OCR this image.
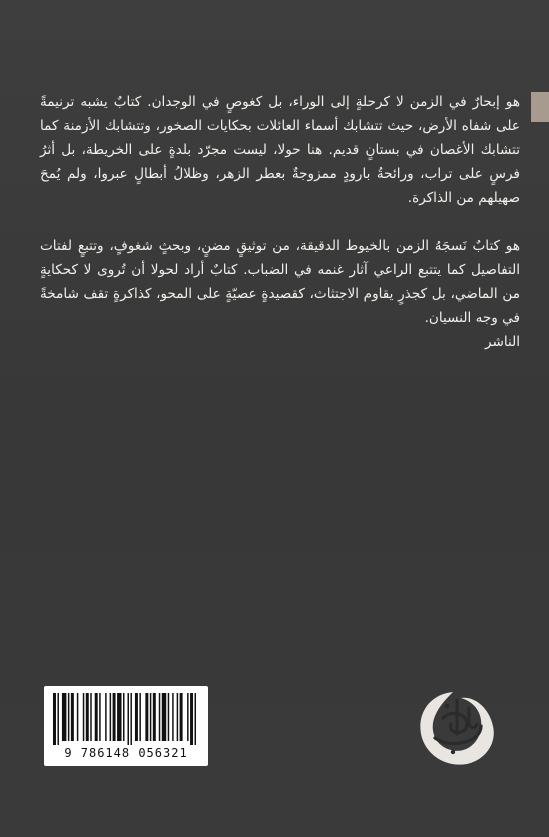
هو إبحارٌ في الزمن لا كرحلةٍ إلى الوراء، بل كغوصٍ في الوجدان. كتابٌ يشبه ترنيمةً على شفاه الأرض، حيث تتشابك أسماء العائلات بحكايات الصخور، وتتشابك الأزمنة كما تتشابك الأغصان في بستانٍ قديم. هنا حولا، ليست مجرّد بلدةٍ على الخريطة، بل أثرُ فرسٍ على تراب، ورائحةُ بارودٍ ممزوجةٌ بعطر الزهر، وظلالُ أبطالٍ عبروا، ولم يُمحَ صهيلهم من الذاكرة.

هو كتابٌ نَسجَهُ الزمن بالخيوط الدقيقة، من توثيقٍ مضنٍ، وبحثٍ شغوفٍ، وتتبعٍ لفتات التفاصيل كما يتتبع الراعي آثار غنمه في الضباب. كتابٌ أراد لحولا أن تُروى لا كحكايةٍ من الماضي، بل كجذرٍ يقاوم الاجتثاث، كقصيدةٍ عصيّةٍ على المحو، كذاكرةٍ تقف شامخةً في وجه النسيان.

الناشر

9 786148 056321
